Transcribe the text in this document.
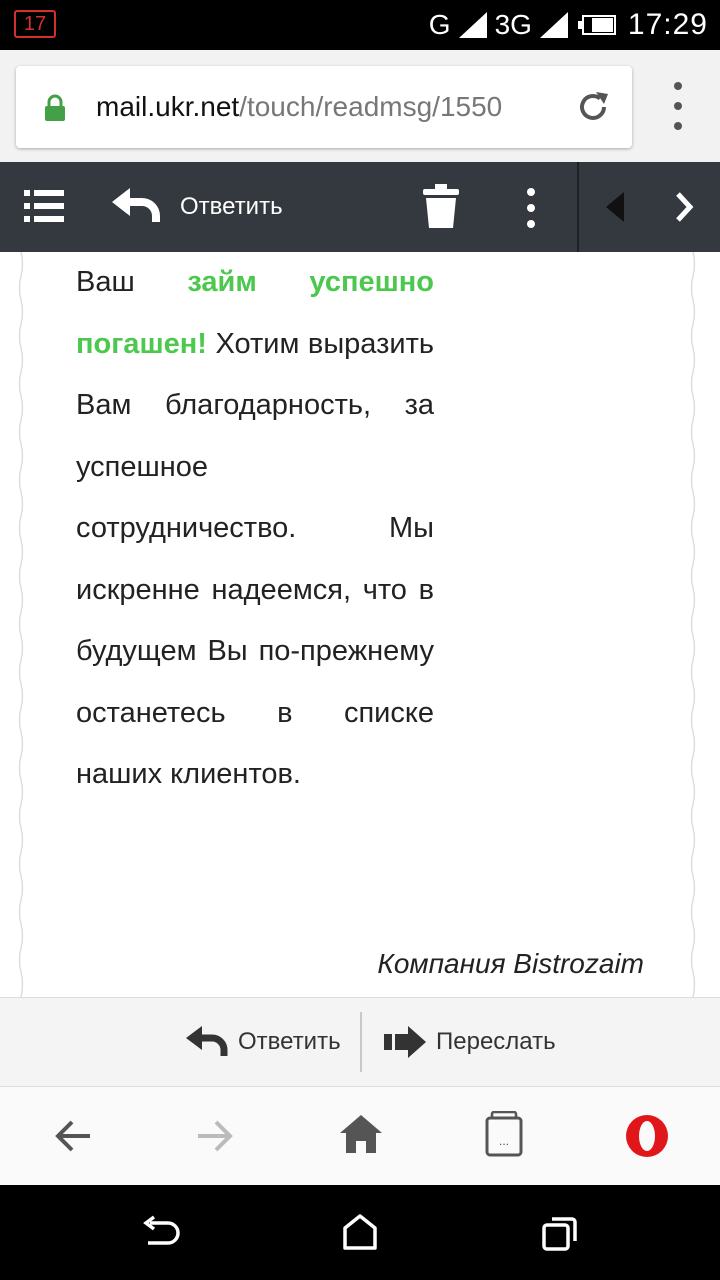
17	G 3G	17:29
mail.ukr.net/touch/readmsg/1550
Ответить

Ваш займ успешно погашен! Хотим выразить Вам благодарность, за успешное сотрудничество. Мы искренне надеемся, что в будущем Вы по-прежнему останетесь в списке наших клиентов.

Компания Bistrozaim
Ответить	Переслать
...
